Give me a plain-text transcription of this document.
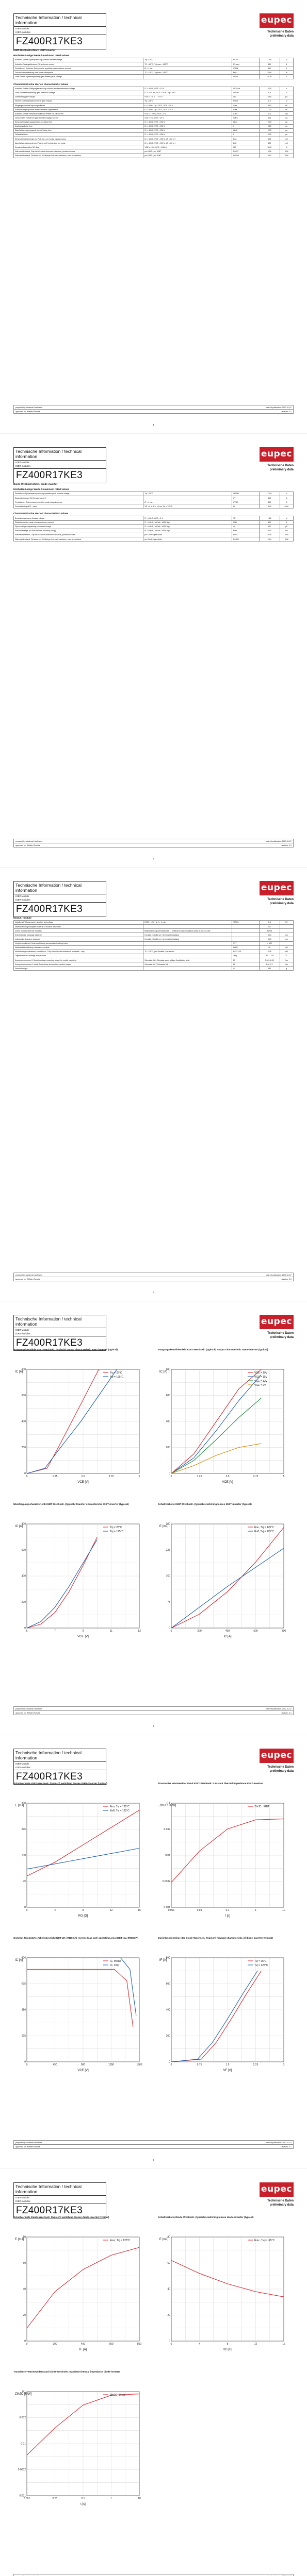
Technische Information / technical information
IGBT-Module
IGBT-modules
FZ400R17KE3
eupec
Technische Daten
preliminary data
IGBT-Wechselrichter / IGBT-inverter
Höchstzulässige Werte / maximum rated values
Kollektor-Emitter-Sperrspannung collector-emitter voltage	Tvj = 25°C	VCES	1700	V
Kollektor-Dauergleichstrom DC-collector current	TC = 80°C, Tvj max = 150°C	IC nom	400	A
Periodischer Kollektor Spitzenstrom repetitive peak collector current	tP = 1 ms	ICRM	800	A
Gesamt-Verlustleistung total power dissipation	TC = 25°C, Tvj max = 150°C	Ptot	2500	W
Gate-Emitter-Spitzenspannung gate-emitter peak voltage		VGES	+/-20	V
Charakteristische Werte / characteristic values
Kollektor-Emitter Sättigungsspannung collector-emitter saturation voltage	IC = 400 A, VGE = 15 V	VCE sat	2,00	V
Gate-Schwellenspannung gate threshold voltage	IC = 16,0 mA, VCE = VGE, Tvj = 25°C	VGEth	5,8	V
Gateladung gate charge	VGE = -15 V ... +15 V	QG	3,80	µC
Interner Gatewiderstand internal gate resistor	Tvj = 25°C	RGint	1,9	Ω
Eingangskapazität input capacitance	f = 1 MHz, Tvj = 25°C, VCE = 25 V	Cies	36,0	nF
Rückwirkungskapazität reverse transfer capacitance	f = 1 MHz, Tvj = 25°C, VCE = 25 V	Cres	1,20	nF
Kollektor-Emitter Reststrom collector-emitter cut-off current	VCE = 1700 V, VGE = 0 V	ICES	5,0	mA
Gate-Emitter Reststrom gate-emitter leakage current	VCE = 0 V, VGE = 20 V	IGES	400	nA
Einschaltverzögerungszeit turn-on delay time	IC = 400 A, VCE = 900 V	td on	0,30	µs
Anstiegszeit rise time	IC = 400 A, VCE = 900 V	tr	0,10	µs
Abschaltverzögerungszeit turn-off delay time	IC = 400 A, VCE = 900 V	td off	0,75	µs
Fallzeit fall time	IC = 400 A, VCE = 900 V	tf	0,20	µs
Einschaltverlustenergie pro Puls turn-on energy loss per pulse	IC = 400 A, VCE = 900 V, LS = 60 nH	Eon	105	mJ
Abschaltverlustenergie pro Puls turn-off energy loss per pulse	IC = 400 A, VCE = 900 V, LS = 60 nH	Eoff	120	mJ
Kurzschlußverhalten SC data	VGE ≤ 15 V, VCC = 1000 V	ISC	1600	A
Wärmewiderstand, Chip bis Gehäuse thermal resistance, junction to case	pro IGBT / per IGBT	RthJC	0,05	K/W
Wärmewiderstand, Gehäuse bis Kühlkörper thermal resistance, case to heatsink	pro IGBT / per IGBT	RthCH	0,02	K/W
prepared by: Andreas Kaufmann	date of publication: 2007-11-07
approved by: Wilhelm Rusche	revision: 2.1
1
Technische Information / technical information
IGBT-Module
IGBT-modules
FZ400R17KE3
eupec
Technische Daten
preliminary data
Diode-Wechselrichter / diode-inverter
Höchstzulässige Werte / maximum rated values
Periodische Spitzensperrspannung repetitive peak reverse voltage	Tvj = 25°C	VRRM	1700	V
Dauergleichstrom DC forward current		IF	400	A
Periodischer Spitzenstrom repetitive peak forward current	tP = 1 ms	IFRM	800	A
Grenzlastintegral I²t - value	VR = 0 V, tP = 10 ms, Tvj = 125°C	I²t	40,0	kA²s
Charakteristische Werte / characteristic values
Durchlassspannung forward voltage	IF = 400 A, VGE = 0 V	VF	1,80	V
Rückstromspitze peak reverse recovery current	IF = 400 A, - diF/dt = 4000 A/µs	IRM	400	A
Sperrverzögerungsladung recovered charge	IF = 400 A, - diF/dt = 4000 A/µs	Qr	120	µC
Abschaltenergie pro Puls reverse recovery energy	IF = 400 A, - diF/dt = 4000 A/µs	Erec	55,0	mJ
Wärmewiderstand, Chip bis Gehäuse thermal resistance, junction to case	pro Diode / per diode	RthJC	0,09	K/W
Wärmewiderstand, Gehäuse bis Kühlkörper thermal resistance, case to heatsink	pro Diode / per diode	RthCH	0,04	K/W
prepared by: Andreas Kaufmann	date of publication: 2007-11-07
approved by: Wilhelm Rusche	revision: 2.1
2
Technische Information / technical information
IGBT-Module
IGBT-modules
FZ400R17KE3
eupec
Technische Daten
preliminary data
Modul / module
Isolations-Prüfspannung insulation test voltage	RMS, f = 50 Hz, t = 1 min.	VISOL	3,4	kV
Material Modulgrundplatte material of module baseplate			Cu	
Innere Isolation internal isolation	Basisisolierung (Schutzklasse 1, EN61140) basic insulation (class 1, IEC 61140)		Al2O3	
Kriechstrecke creepage distance	Kontakt - Kühlkörper / terminal to heatsink		33,0	mm
Luftstrecke clearance distance	Kontakt - Kühlkörper / terminal to heatsink		33,0	mm
Vergleichszahl der Kriechwegbildung comperative tracking index		CTI	> 600	
Modulinduktivität stray inductance module		LsCE	20	nH
Modulleitungswiderstand, Anschlüsse - Chip module lead resistance, terminals - chip	TC = 25°C, pro Schalter / per switch	RCC'+EE'	0,35	mΩ
Lagertemperatur storage temperature		Tstg	-40 ... 125	°C
Anzugsdrehmoment f. Modulmontage mounting torque for modul mounting	Schraube M6 - Montage gem. gültiger Applikation Note	M	3,00 - 6,00	Nm
Anzugsdrehmoment f. elektr. Anschlüsse terminal connection torque	Schraube M4 / Schraube M8	M	1,8 - 2,1	Nm
Gewicht weight		G	340	g
prepared by: Andreas Kaufmann	date of publication: 2007-11-07
approved by: Wilhelm Rusche	revision: 2.1
3
Technische Information / technical information
IGBT-Module
IGBT-modules
FZ400R17KE3
eupec
Technische Daten
preliminary data
Ausgangskennlinie IGBT-Wechselr. (typisch) output characteristic IGBT-inverter (typical)
0
0
1.25
200
2.5
400
3.75
600
5
800
VCE [V]
IC [A]	Tvj = 25°C
Tvj = 125°C
Ausgangskennlinienfeld IGBT-Wechselr. (typisch) output characteristic IGBT-inverter (typical)
0
0
1.25
200
2.5
400
3.75
600
5
800
VCE [V]
IC [A]	VGE = 19V
VGE = 15V
VGE = 12V
VGE = 9V
Übertragungscharakteristik IGBT-Wechselr. (typisch) transfer characteristic IGBT-inverter (typical)
5
0
7
200
9
400
11
600
13
800
VGE [V]
IC [A]	Tvj = 25°C
Tvj = 125°C
Schaltverluste IGBT-Wechselr. (typisch) switching losses IGBT-inverter (typical)
0
0
200
75
400
150
600
225
800
300
IC [A]
E [mJ]	Eon, Tvj = 125°C
Eoff, Tvj = 125°C
prepared by: Andreas Kaufmann	date of publication: 2007-11-07
approved by: Wilhelm Rusche	revision: 2.1
4
Technische Information / technical information
IGBT-Module
IGBT-modules
FZ400R17KE3
eupec
Technische Daten
preliminary data
Schaltverluste IGBT-Wechselr. (typisch) switching losses IGBT-inverter (typical)
0
0
4
75
8
150
12
225
16
300
RG [Ω]
E [mJ]	Eon, Tvj = 125°C
Eoff, Tvj = 125°C
Transienter Wärmewiderstand IGBT-Wechselr. transient thermal impedance IGBT-inverter
0.001
0.001
0.01
0.0032
0.1
0.01
1
0.032
10
0.1
t [s]
ZthJC [K/W]	ZthJC : IGBT
Sicherer Rückwärts-Arbeitsbereich IGBT-Wr. (RBSOA) reverse bias safe operating area IGBT-inv. (RBSOA)
0
0
450
225
900
450
1350
675
1800
900
VCE [V]
IC [A]	IC, Modul
IC, Chip
Durchlasskennlinie der Diode-Wechselr. (typisch) forward characteristic of diode-inverter (typical)
0
0
0.75
200
1.5
400
2.25
600
3
800
VF [V]
IF [A]	Tvj = 25°C
Tvj = 125°C
prepared by: Andreas Kaufmann	date of publication: 2007-11-07
approved by: Wilhelm Rusche	revision: 2.1
5
Technische Information / technical information
IGBT-Module
IGBT-modules
FZ400R17KE3
eupec
Technische Daten
preliminary data
Schaltverluste Diode-Wechselr. (typisch) switching losses diode-inverter (typical)
0
0
200
20
400
40
600
60
800
80
IF [A]
E [mJ]	Erec, Tvj = 125°C
Schaltverluste Diode-Wechselr. (typisch) switching losses diode-inverter (typical)
0
0
4
20
8
40
12
60
16
80
RG [Ω]
E [mJ]	Erec, Tvj = 125°C
Transienter Wärmewiderstand Diode-Wechselr. transient thermal impedance diode-inverter
0.001
0.001
0.01
0.0032
0.1
0.01
1
0.032
10
0.1
t [s]
ZthJC [K/W]	ZthJC : Diode
